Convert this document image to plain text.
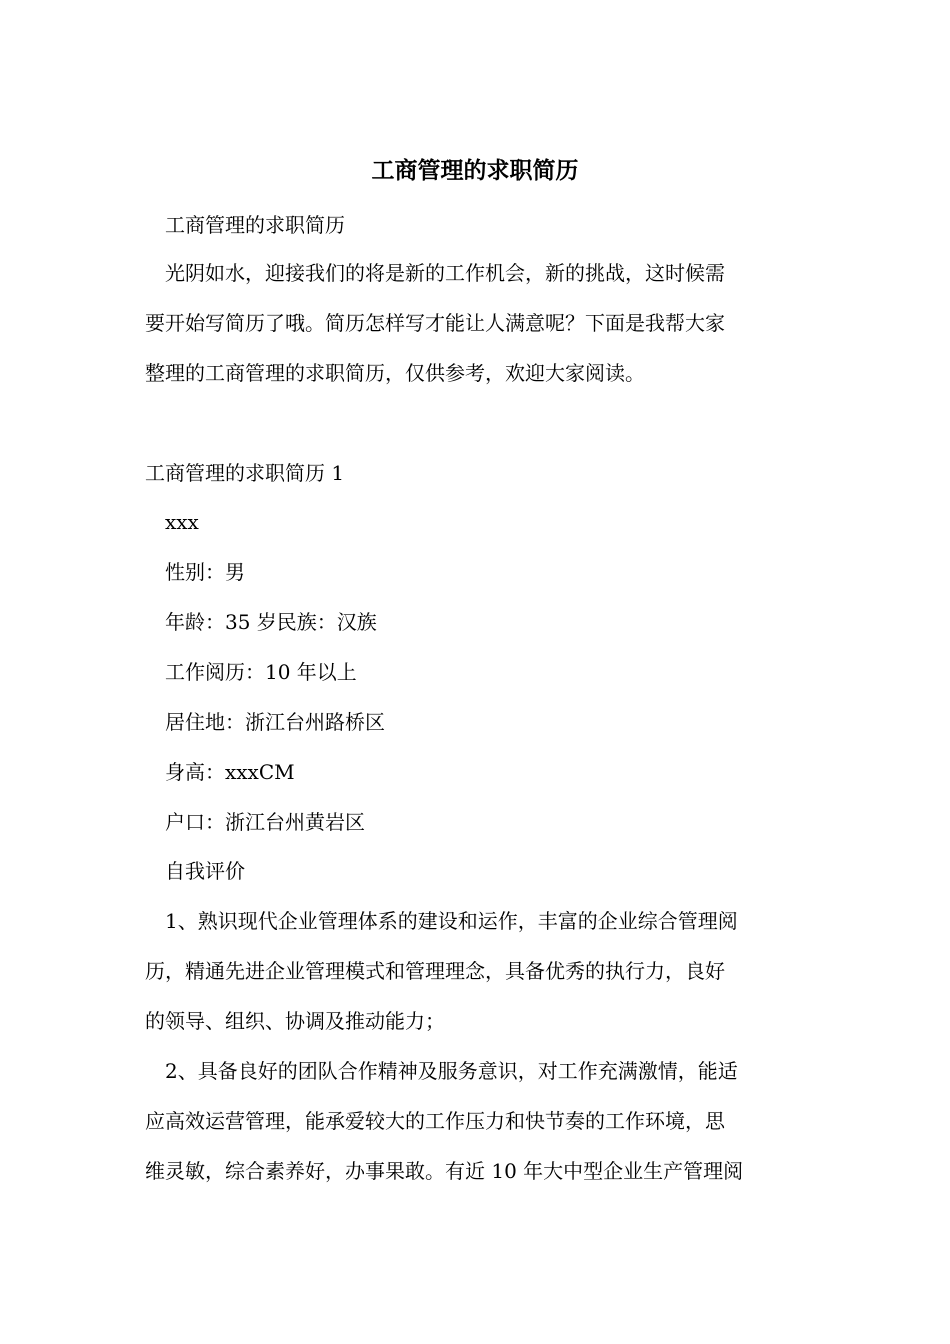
工商管理的求职简历

工商管理的求职简历

光阴如水，迎接我们的将是新的工作机会，新的挑战，这时候需
要开始写简历了哦。简历怎样写才能让人满意呢？下面是我帮大家
整理的工商管理的求职简历，仅供参考，欢迎大家阅读。

工商管理的求职简历 1

xxx

性别：男

年龄：35 岁民族：汉族

工作阅历：10 年以上

居住地：浙江台州路桥区

身高：xxxCM

户口：浙江台州黄岩区

自我评价

1、熟识现代企业管理体系的建设和运作，丰富的企业综合管理阅
历，精通先进企业管理模式和管理理念，具备优秀的执行力，良好
的领导、组织、协调及推动能力；
2、具备良好的团队合作精神及服务意识，对工作充满激情，能适
应高效运营管理，能承爱较大的工作压力和快节奏的工作环境，思
维灵敏，综合素养好，办事果敢。有近 10 年大中型企业生产管理阅
